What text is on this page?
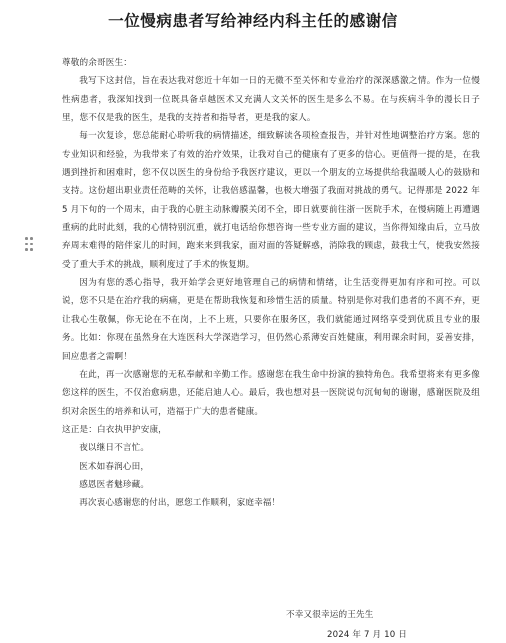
一位慢病患者写给神经内科主任的感谢信

尊敬的余哥医生：

我写下这封信，旨在表达我对您近十年如一日的无微不至关怀和专业治疗的深深感激之情。作为一位慢性病患者，我深知找到一位既具备卓越医术又充满人文关怀的医生是多么不易。在与疾病斗争的漫长日子里，您不仅是我的医生，是我的支持者和指导者，更是我的家人。

每一次复诊，您总能耐心聆听我的病情描述，细致解读各项检查报告，并针对性地调整治疗方案。您的专业知识和经验，为我带来了有效的治疗效果，让我对自己的健康有了更多的信心。更值得一提的是，在我遇到挫折和困难时，您不仅以医生的身份给予我医疗建议，更以一个朋友的立场提供给我温暖人心的鼓励和支持。这份超出职业责任范畴的关怀，让我倍感温馨，也极大增强了我面对挑战的勇气。记得那是 2022 年 5 月下旬的一个周末，由于我的心脏主动脉瓣膜关闭不全，即日就要前往浙一医院手术，在慢病随上再遭遇重病的此时此刻，我的心情特别沉重，就打电话给你想咨询一些专业方面的建议，当你得知缘由后，立马放弃周末难得的陪伴家儿的时间，跑来来到我家，面对面的答疑解惑，消除我的顾虑，鼓我士气，使我安然接受了重大手术的挑战，顺利度过了手术的恢复期。

因为有您的悉心指导，我开始学会更好地管理自己的病情和情绪，让生活变得更加有序和可控。可以说，您不只是在治疗我的病痛，更是在帮助我恢复和珍惜生活的质量。特别是你对我们患者的不离不弃，更让我心生敬佩，你无论在不在岗，上不上班，只要你在服务区，我们就能通过网络享受到优质且专业的服务。比如：你现在虽然身在大连医科大学深造学习，但仍然心系薄安百姓健康，利用课余时间，妥善安排，回应患者之需啊！

在此，再一次感谢您的无私奉献和辛勤工作。感谢您在我生命中扮演的独特角色。我希望将来有更多像您这样的医生，不仅治愈病患，还能启迪人心。最后，我也想对县一医院说句沉甸甸的谢谢，感谢医院及组织对余医生的培养和认可，造福于广大的患者健康。

这正是：白衣执甲护安康，
夜以继日不言忙。
医术如春润心田，
感恩医者魅珍藏。

再次衷心感谢您的付出，愿您工作顺利，家庭幸福！

不幸又很幸运的王先生
2024 年 7 月 10 日
